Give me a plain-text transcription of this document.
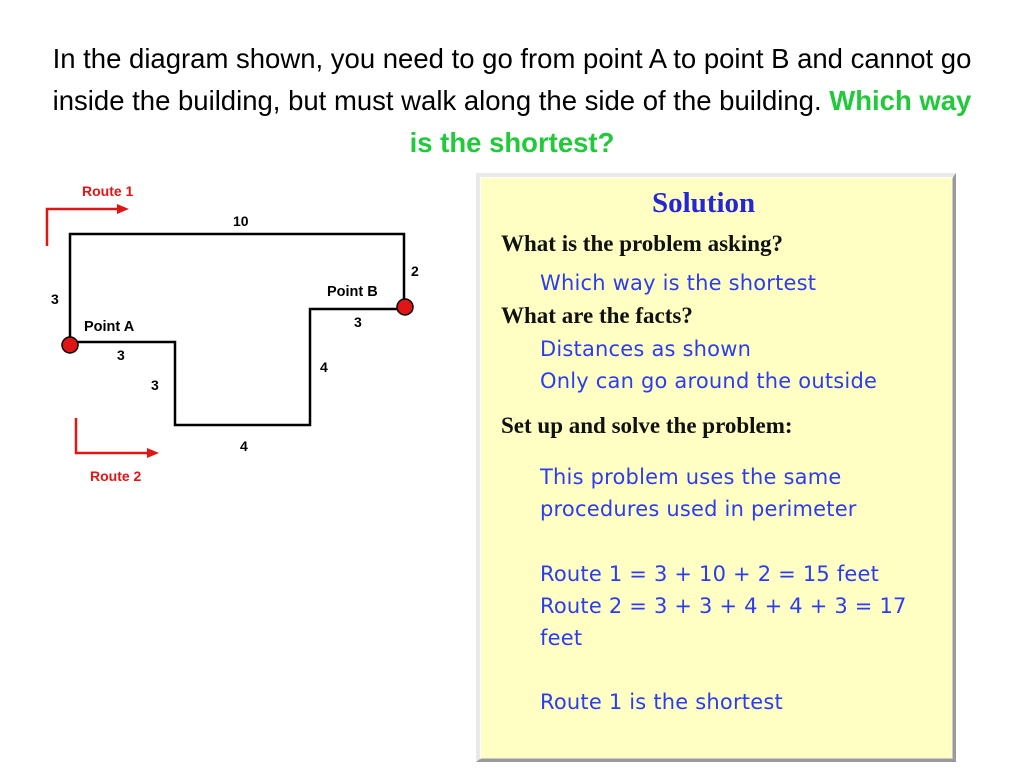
In the diagram shown, you need to go from point A to point B and cannot go inside the building, but must walk along the side of the building. Which way is the shortest?
Route 1
Route 2
Point A
Point B
10
3
2
3
3
3
4
4
Solution
What is the problem asking?
Which way is the shortest
What are the facts?
Distances as shown
Only can go around the outside
Set up and solve the problem:
This problem uses the same
procedures used in perimeter
Route 1 = 3 + 10 + 2 = 15 feet
Route 2 = 3 + 3 + 4 + 4 + 3 = 17
feet
Route 1 is the shortest
